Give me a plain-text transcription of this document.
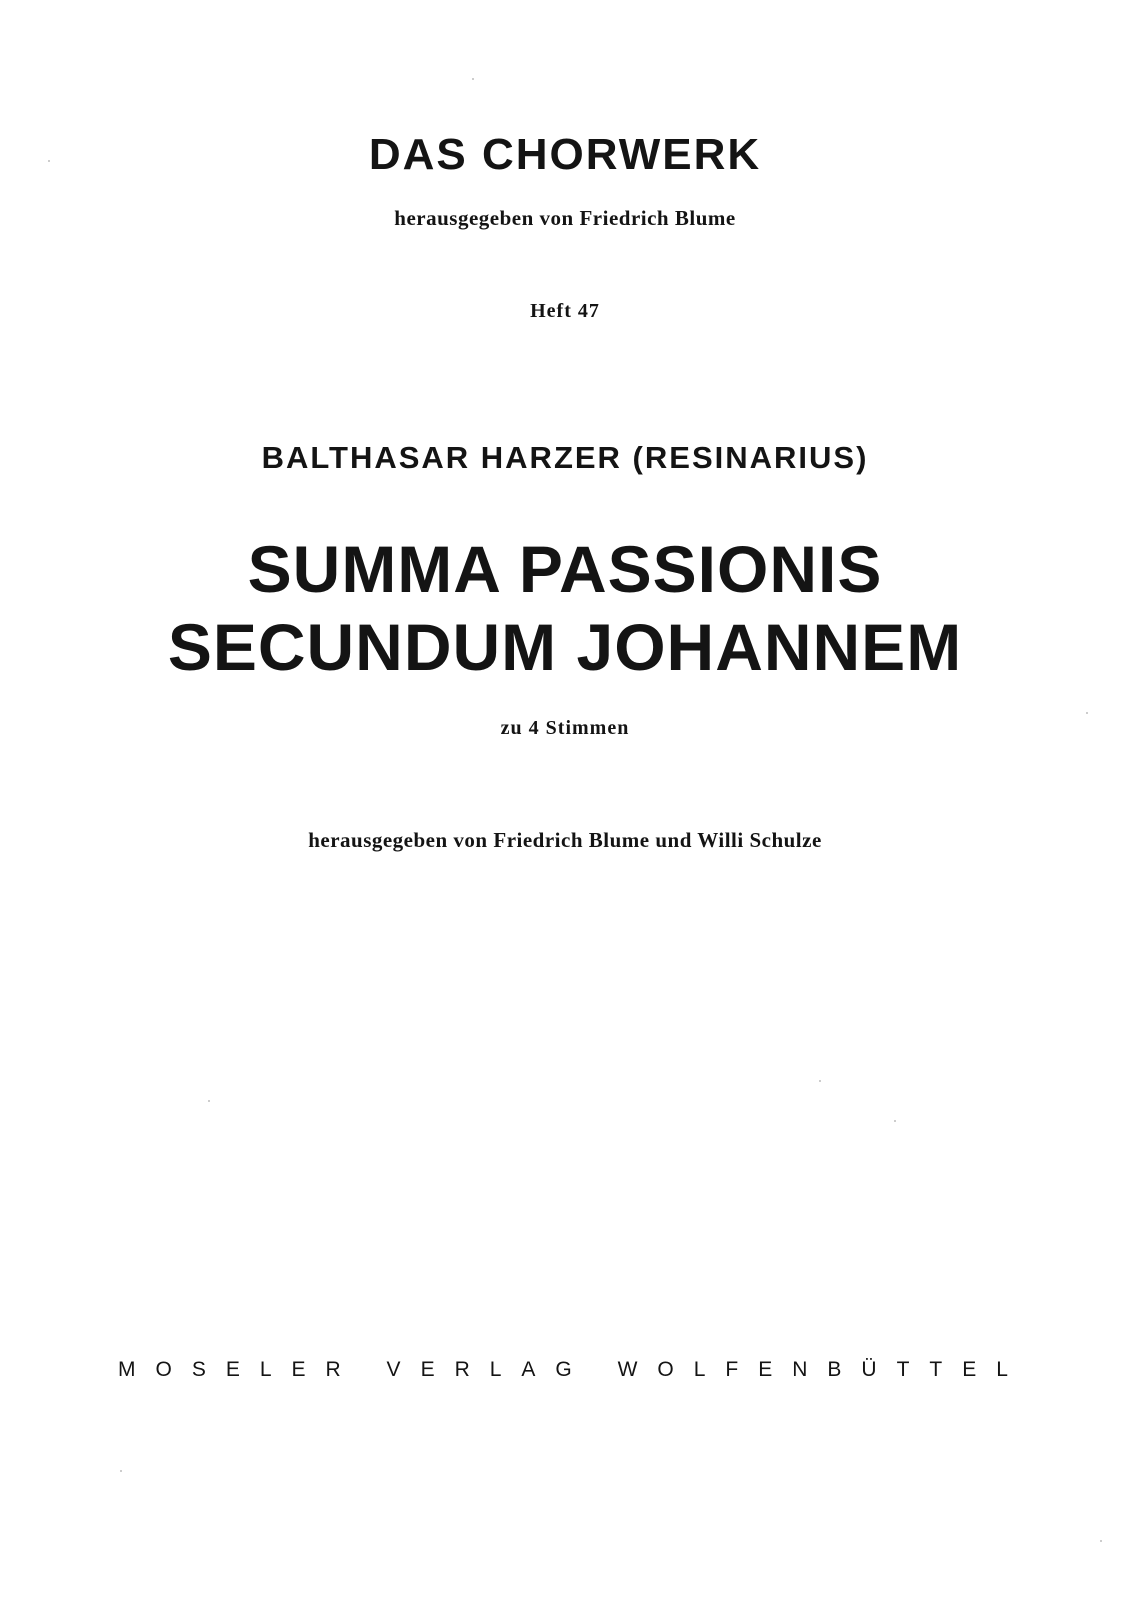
DAS CHORWERK
herausgegeben von Friedrich Blume
Heft 47
BALTHASAR HARZER (RESINARIUS)
SUMMA PASSIONIS
SECUNDUM JOHANNEM
zu 4 Stimmen
herausgegeben von Friedrich Blume und Willi Schulze
MOSELER VERLAG WOLFENBÜTTEL
